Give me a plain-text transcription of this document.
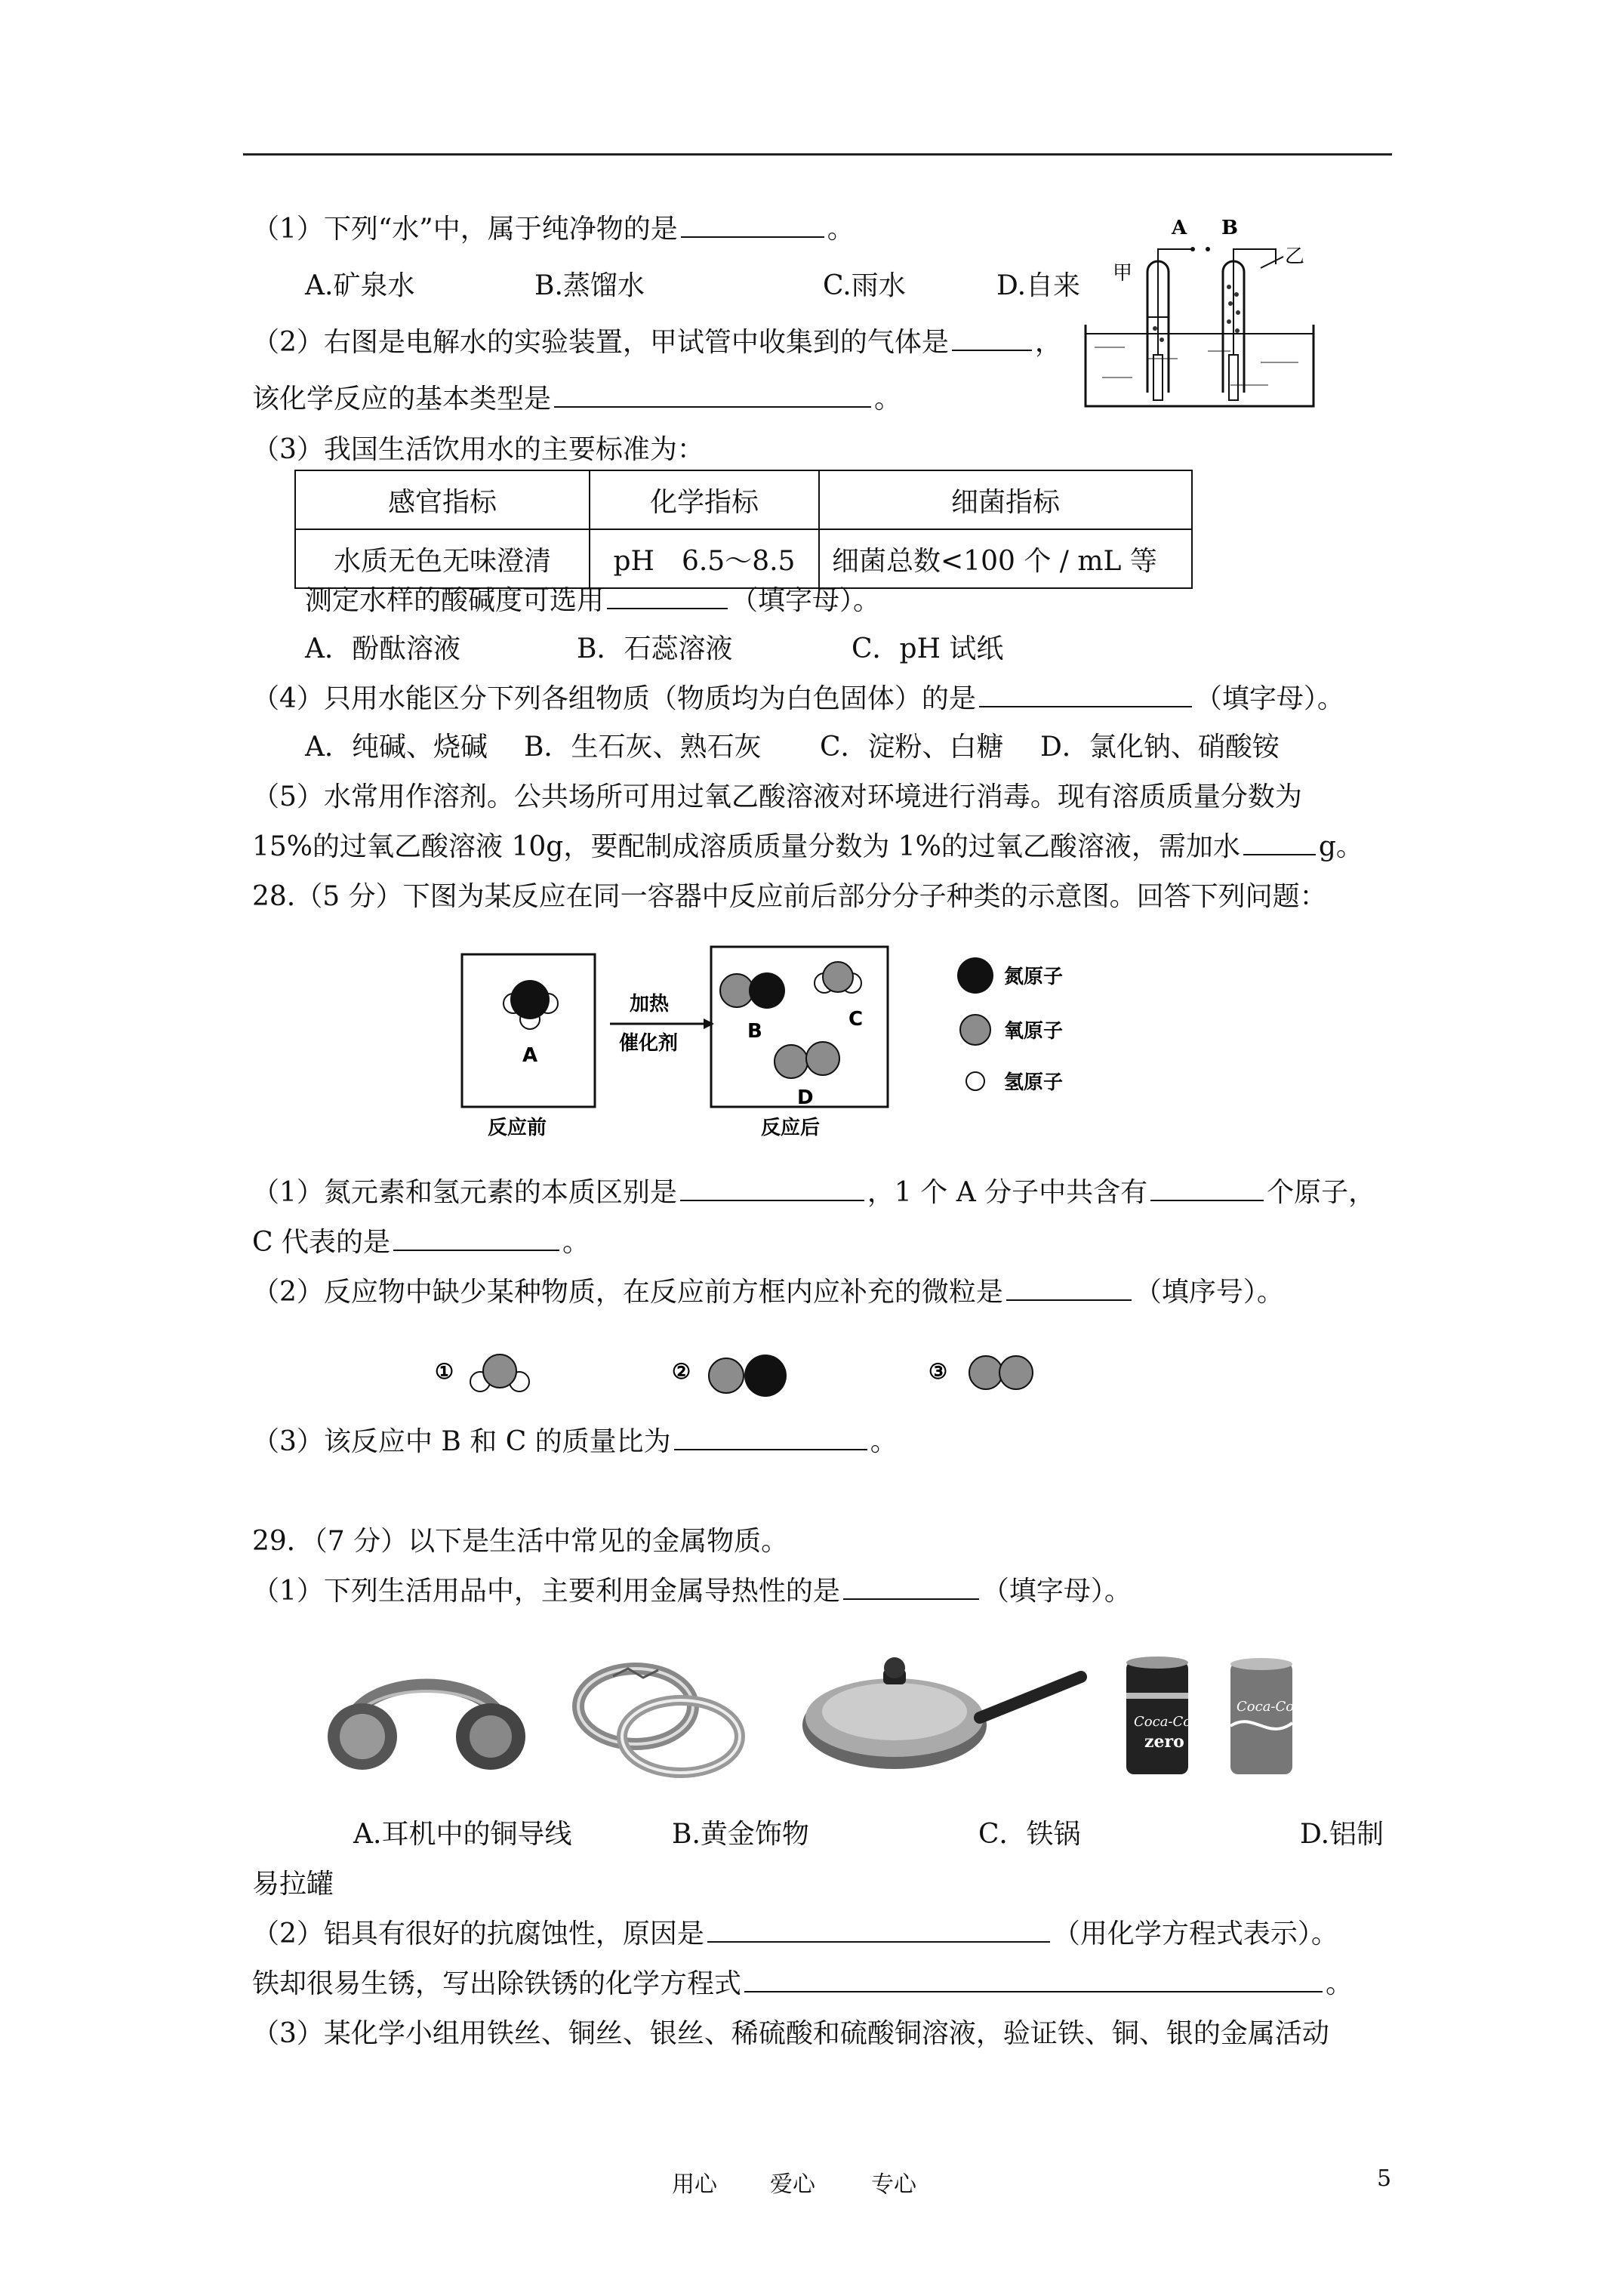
（1）下列“水”中，属于纯净物的是	。
A.矿泉水	B.蒸馏水	C.雨水	D.自来
（2）右图是电解水的实验装置，甲试管中收集到的气体是	，
该化学反应的基本类型是	。
A B
甲
乙
（3）我国生活饮用水的主要标准为：
感官指标	化学指标	细菌指标
水质无色无味澄清	pH　6.5～8.5	细菌总数<100 个 / mL 等
测定水样的酸碱度可选用	（填字母）。
A．酚酞溶液	B．石蕊溶液	C．pH 试纸
（4）只用水能区分下列各组物质（物质均为白色固体）的是	（填字母）。
A．纯碱、烧碱 B．生石灰、熟石灰 C．淀粉、白糖 D．氯化钠、硝酸铵
（5）水常用作溶剂。公共场所可用过氧乙酸溶液对环境进行消毒。现有溶质质量分数为
15%的过氧乙酸溶液 10g，要配制成溶质质量分数为 1%的过氧乙酸溶液，需加水	g。
28.（5 分）下图为某反应在同一容器中反应前后部分分子种类的示意图。回答下列问题：
A
反应前
加热
催化剂
B
C
D
反应后
氮原子
氧原子
氢原子
（1）氮元素和氢元素的本质区别是	，1 个 A 分子中共含有	个原子，
C 代表的是	。
（2）反应物中缺少某种物质，在反应前方框内应补充的微粒是	（填序号）。
①	②	③
（3）该反应中 B 和 C 的质量比为	。
29．（7 分）以下是生活中常见的金属物质。
（1）下列生活用品中，主要利用金属导热性的是	（填字母）。
Coca-Cola
zero
Coca-Cola
A.耳机中的铜导线	B.黄金饰物	C．铁锅	D.铝制
易拉罐
（2）铝具有很好的抗腐蚀性，原因是	（用化学方程式表示）。
铁却很易生锈，写出除铁锈的化学方程式	。
（3）某化学小组用铁丝、铜丝、银丝、稀硫酸和硫酸铜溶液，验证铁、铜、银的金属活动
用心 爱心 专心	5
